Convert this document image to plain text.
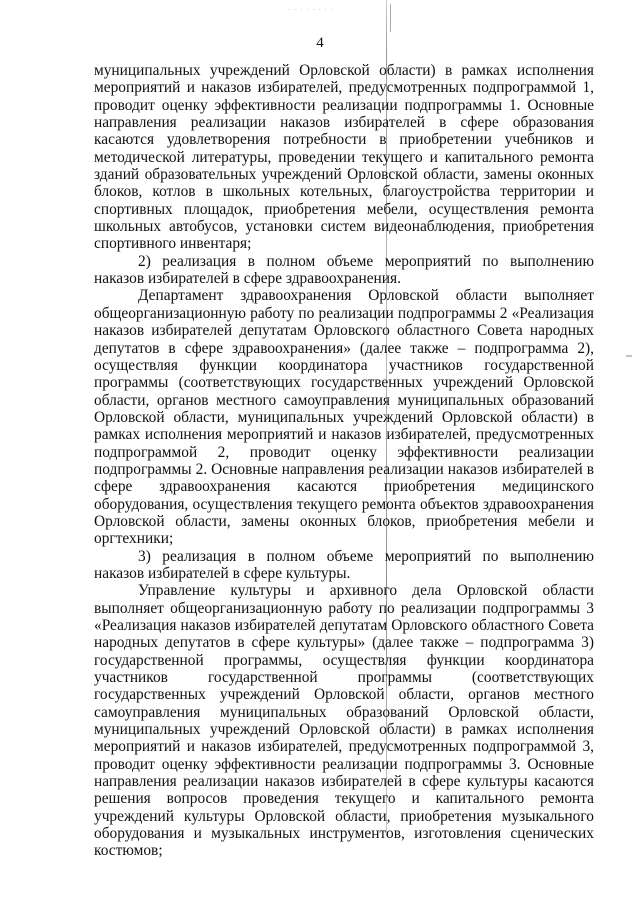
· · · · · · · ·
4

муниципальных учреждений Орловской области) в рамках исполнения мероприятий и наказов избирателей, предусмотренных подпрограммой 1, проводит оценку эффективности реализации подпрограммы 1. Основные направления реализации наказов избирателей в сфере образования касаются удовлетворения потребности в приобретении учебников и методической литературы, проведении текущего и капитального ремонта зданий образовательных учреждений Орловской области, замены оконных блоков, котлов в школьных котельных, благоустройства территории и спортивных площадок, приобретения мебели, осуществления ремонта школьных автобусов, установки систем видеонаблюдения, приобретения спортивного инвентаря;

2) реализация в полном объеме мероприятий по выполнению наказов избирателей в сфере здравоохранения.

Департамент здравоохранения Орловской области выполняет общеорганизационную работу по реализации подпрограммы 2 «Реализация наказов избирателей депутатам Орловского областного Совета народных депутатов в сфере здравоохранения» (далее также – подпрограмма 2), осуществляя функции координатора участников государственной программы (соответствующих государственных учреждений Орловской области, органов местного самоуправления муниципальных образований Орловской области, муниципальных учреждений Орловской области) в рамках исполнения мероприятий и наказов избирателей, предусмотренных подпрограммой 2, проводит оценку эффективности реализации подпрограммы 2. Основные направления реализации наказов избирателей в сфере здравоохранения касаются приобретения медицинского оборудования, осуществления текущего ремонта объектов здравоохранения Орловской области, замены оконных блоков, приобретения мебели и оргтехники;

3) реализация в полном объеме мероприятий по выполнению наказов избирателей в сфере культуры.

Управление культуры и архивного дела Орловской области выполняет общеорганизационную работу по реализации подпрограммы 3 «Реализация наказов избирателей депутатам Орловского областного Совета народных депутатов в сфере культуры» (далее также – подпрограмма 3) государственной программы, осуществляя функции координатора участников государственной программы (соответствующих государственных учреждений Орловской области, органов местного самоуправления муниципальных образований Орловской области, муниципальных учреждений Орловской области) в рамках исполнения мероприятий и наказов избирателей, предусмотренных подпрограммой 3, проводит оценку эффективности реализации подпрограммы 3. Основные направления реализации наказов избирателей в сфере культуры касаются решения вопросов проведения текущего и капитального ремонта учреждений культуры Орловской области, приобретения музыкального оборудования и музыкальных инструментов, изготовления сценических костюмов;
